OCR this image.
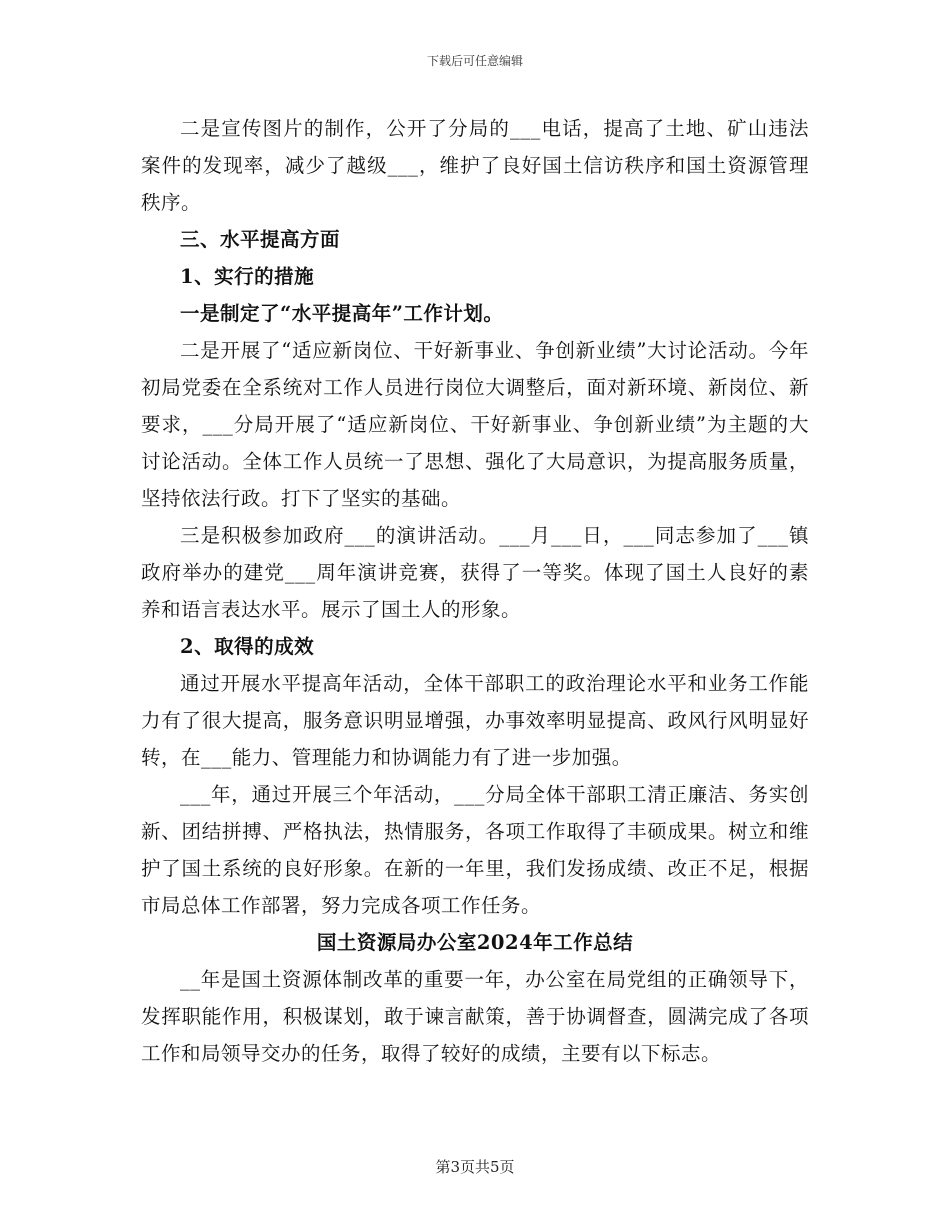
下载后可任意编辑

二是宣传图片的制作，公开了分局的___电话，提高了土地、矿山违法案件的发现率，减少了越级___，维护了良好国土信访秩序和国土资源管理秩序。

三、水平提高方面

1、实行的措施

一是制定了“水平提高年”工作计划。

二是开展了“适应新岗位、干好新事业、争创新业绩”大讨论活动。今年初局党委在全系统对工作人员进行岗位大调整后，面对新环境、新岗位、新要求，___分局开展了“适应新岗位、干好新事业、争创新业绩”为主题的大讨论活动。全体工作人员统一了思想、强化了大局意识，为提高服务质量，坚持依法行政。打下了坚实的基础。

三是积极参加政府___的演讲活动。___月___日，___同志参加了___镇政府举办的建党___周年演讲竞赛，获得了一等奖。体现了国土人良好的素养和语言表达水平。展示了国土人的形象。

2、取得的成效

通过开展水平提高年活动，全体干部职工的政治理论水平和业务工作能力有了很大提高，服务意识明显增强，办事效率明显提高、政风行风明显好转，在___能力、管理能力和协调能力有了进一步加强。

___年，通过开展三个年活动，___分局全体干部职工清正廉洁、务实创新、团结拼搏、严格执法，热情服务，各项工作取得了丰硕成果。树立和维护了国土系统的良好形象。在新的一年里，我们发扬成绩、改正不足，根据市局总体工作部署，努力完成各项工作任务。

国土资源局办公室2024年工作总结

__年是国土资源体制改革的重要一年，办公室在局党组的正确领导下，发挥职能作用，积极谋划，敢于谏言献策，善于协调督查，圆满完成了各项工作和局领导交办的任务，取得了较好的成绩，主要有以下标志。

第3页共5页
